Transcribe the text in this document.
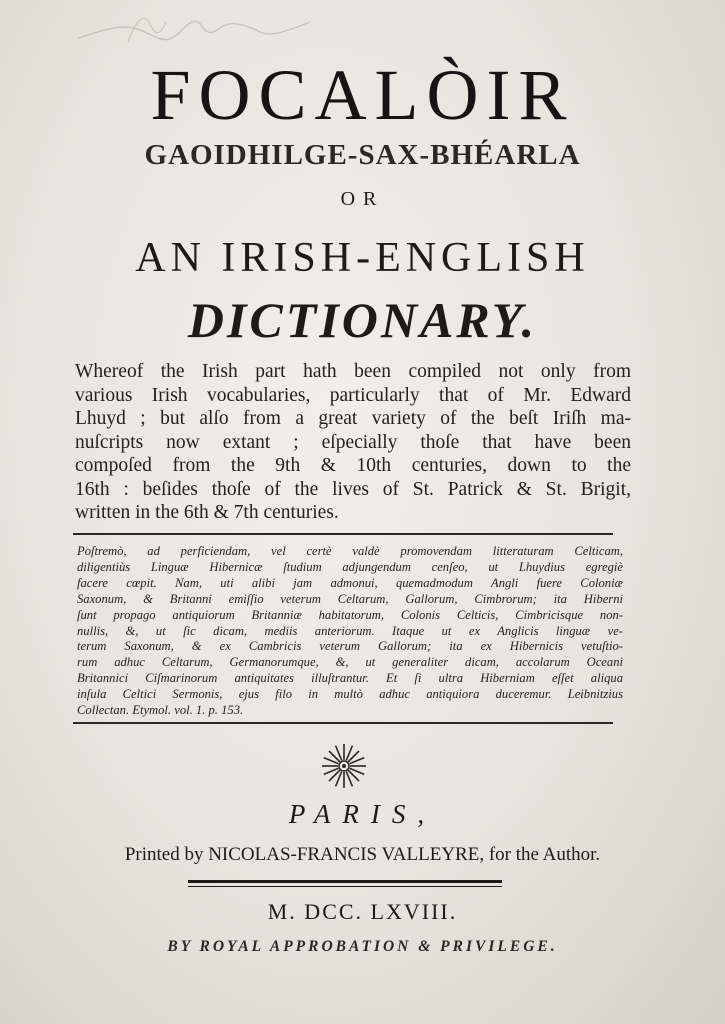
FOCALÒIR
GAOIDHILGE-SAX-BHÉARLA
OR
AN IRISH-ENGLISH
DICTIONARY.
Whereof the Irish part hath been compiled not only from
various Irish vocabularies, particularly that of Mr. Edward
Lhuyd ; but alſo from a great variety of the beſt Iriſh ma-
nuſcripts now extant ; eſpecially thoſe that have been
compoſed from the 9th & 10th centuries, down to the
16th : beſides thoſe of the lives of St. Patrick & St. Brigit,
written in the 6th & 7th centuries.
Poſtremò, ad perficiendam, vel certè valdè promovendam litteraturam Celticam,
diligentiùs Linguæ Hibernicæ ſtudium adjungendum cenſeo, ut Lhuydius egregiè
facere cœpit. Nam, uti alibi jam admonui, quemadmodum Angli fuere Coloniæ
Saxonum, & Britanni emiſſio veterum Celtarum, Gallorum, Cimbrorum; ita Hiberni
ſunt propago antiquiorum Britanniæ habitatorum, Colonis Celticis, Cimbricisque non-
nullis, &, ut ſic dicam, mediis anteriorum. Itaque ut ex Anglicis linguæ ve-
terum Saxonum, & ex Cambricis veterum Gallorum; ita ex Hibernicis vetuſtio-
rum adhuc Celtarum, Germanorumque, &, ut generaliter dicam, accolarum Oceani
Britannici Ciſmarinorum antiquitates illuſtrantur. Et ſi ultra Hiberniam eſſet aliqua
inſula Celtici Sermonis, ejus filo in multò adhuc antiquiora duceremur. Leibnitzius
Collectan. Etymol. vol. 1. p. 153.
PARIS,
Printed by NICOLAS-FRANCIS VALLEYRE, for the Author.
M. DCC. LXVIII.
BY ROYAL APPROBATION & PRIVILEGE.
